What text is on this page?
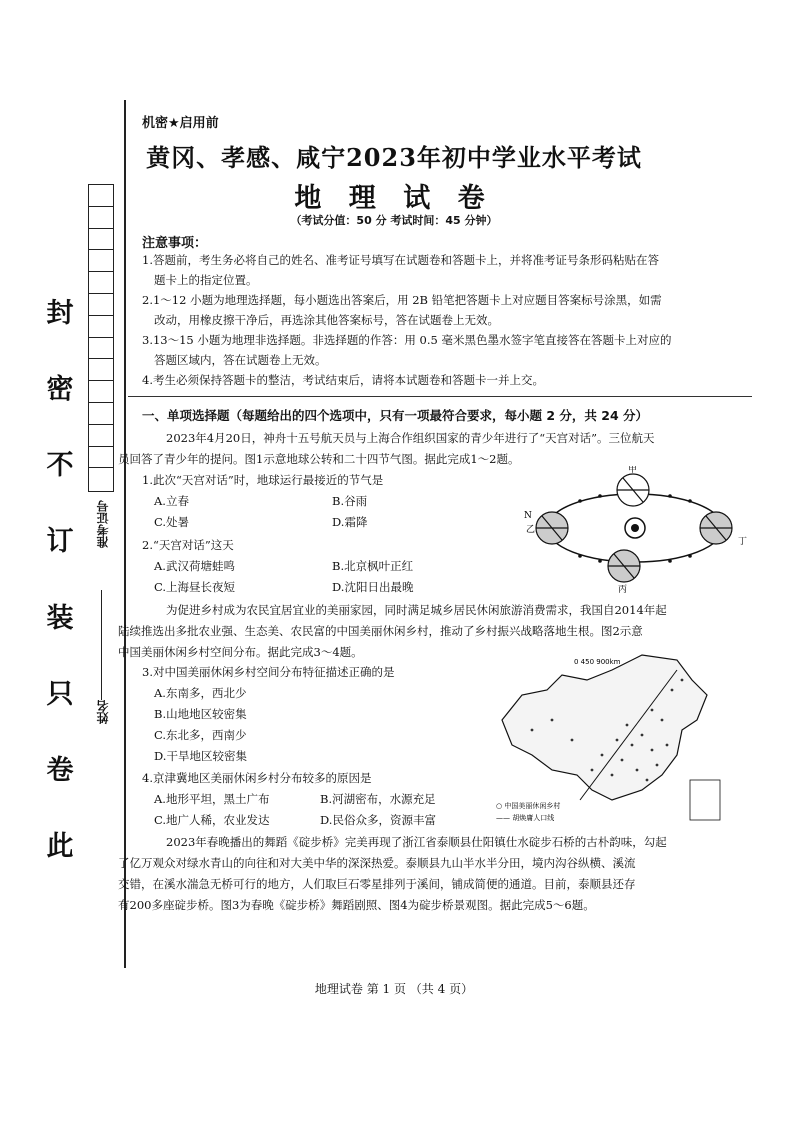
封
密
不
订
装
只
卷
此
准考证号
姓名
机密★启用前
黄冈、孝感、咸宁2023年初中学业水平考试
地 理 试 卷
（考试分值：50 分 考试时间：45 分钟）
注意事项：
1.答题前，考生务必将自己的姓名、准考证号填写在试题卷和答题卡上，并将准考证号条形码粘贴在答
题卡上的指定位置。
2.1～12 小题为地理选择题，每小题选出答案后，用 2B 铅笔把答题卡上对应题目答案标号涂黑，如需
改动，用橡皮擦干净后，再选涂其他答案标号，答在试题卷上无效。
3.13～15 小题为地理非选择题。非选择题的作答：用 0.5 毫米黑色墨水签字笔直接答在答题卡上对应的
答题区域内，答在试题卷上无效。
4.考生必须保持答题卡的整洁，考试结束后，请将本试题卷和答题卡一并上交。
一、单项选择题（每题给出的四个选项中，只有一项最符合要求，每小题 2 分，共 24 分）
2023年4月20日，神舟十五号航天员与上海合作组织国家的青少年进行了“天宫对话”。三位航天
员回答了青少年的提问。图1示意地球公转和二十四节气图。据此完成1～2题。
1.此次“天宫对话”时，地球运行最接近的节气是
A.立春	B.谷雨
C.处暑	D.霜降
2.“天宫对话”这天
A.武汉荷塘蛙鸣	B.北京枫叶正红
C.上海昼长夜短	D.沈阳日出最晚
甲
乙
丙
丁
N
为促进乡村成为农民宜居宜业的美丽家园，同时满足城乡居民休闲旅游消费需求，我国自2014年起
陆续推选出多批农业强、生态美、农民富的中国美丽休闲乡村，推动了乡村振兴战略落地生根。图2示意
中国美丽休闲乡村空间分布。据此完成3～4题。
3.对中国美丽休闲乡村空间分布特征描述正确的是
A.东南多，西北少
B.山地地区较密集
C.东北多，西南少
D.干旱地区较密集
4.京津冀地区美丽休闲乡村分布较多的原因是
A.地形平坦，黑土广布	B.河湖密布，水源充足
C.地广人稀，农业发达	D.民俗众多，资源丰富
0 450 900km
○ 中国美丽休闲乡村
—— 胡焕庸人口线
2023年春晚播出的舞蹈《碇步桥》完美再现了浙江省泰顺县仕阳镇仕水碇步石桥的古朴韵味，勾起
了亿万观众对绿水青山的向往和对大美中华的深深热爱。泰顺县九山半水半分田，境内沟谷纵横、溪流
交错，在溪水湍急无桥可行的地方，人们取巨石零星排列于溪间，铺成简便的通道。目前，泰顺县还存
有200多座碇步桥。图3为春晚《碇步桥》舞蹈剧照、图4为碇步桥景观图。据此完成5～6题。
地理试卷 第 1 页 （共 4 页）
